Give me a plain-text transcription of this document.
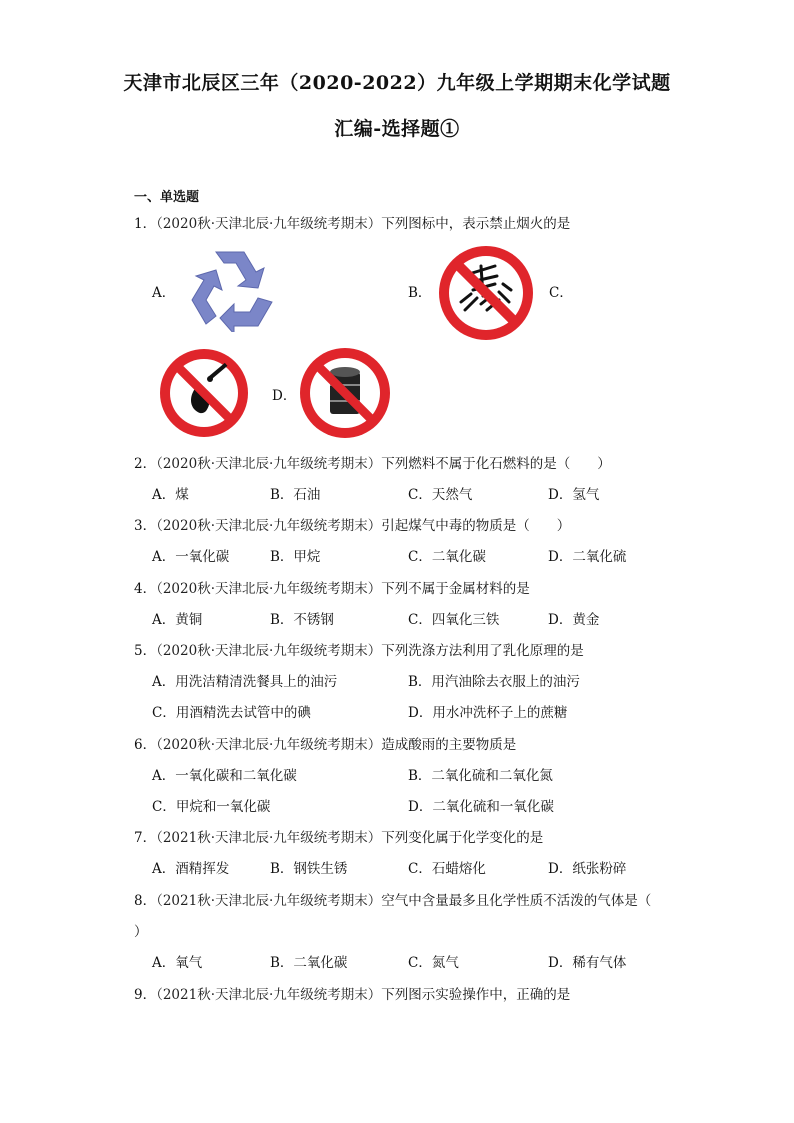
天津市北辰区三年（2020-2022）九年级上学期期末化学试题
汇编-选择题①
一、单选题
1．（2020秋·天津北辰·九年级统考期末）下列图标中，表示禁止烟火的是
A．	B．	C．
D．
2．（2020秋·天津北辰·九年级统考期末）下列燃料不属于化石燃料的是（　　）
A．煤	B．石油	C．天然气	D．氢气
3．（2020秋·天津北辰·九年级统考期末）引起煤气中毒的物质是（　　）
A．一氧化碳	B．甲烷	C．二氧化碳	D．二氧化硫
4．（2020秋·天津北辰·九年级统考期末）下列不属于金属材料的是
A．黄铜	B．不锈钢	C．四氧化三铁	D．黄金
5．（2020秋·天津北辰·九年级统考期末）下列洗涤方法利用了乳化原理的是
A．用洗洁精清洗餐具上的油污	B．用汽油除去衣服上的油污
C．用酒精洗去试管中的碘	D．用水冲洗杯子上的蔗糖
6．（2020秋·天津北辰·九年级统考期末）造成酸雨的主要物质是
A．一氧化碳和二氧化碳	B．二氧化硫和二氧化氮
C．甲烷和一氧化碳	D．二氧化硫和一氧化碳
7．（2021秋·天津北辰·九年级统考期末）下列变化属于化学变化的是
A．酒精挥发	B．钢铁生锈	C．石蜡熔化	D．纸张粉碎
8．（2021秋·天津北辰·九年级统考期末）空气中含量最多且化学性质不活泼的气体是（
）
A．氧气	B．二氧化碳	C．氮气	D．稀有气体
9．（2021秋·天津北辰·九年级统考期末）下列图示实验操作中，正确的是
